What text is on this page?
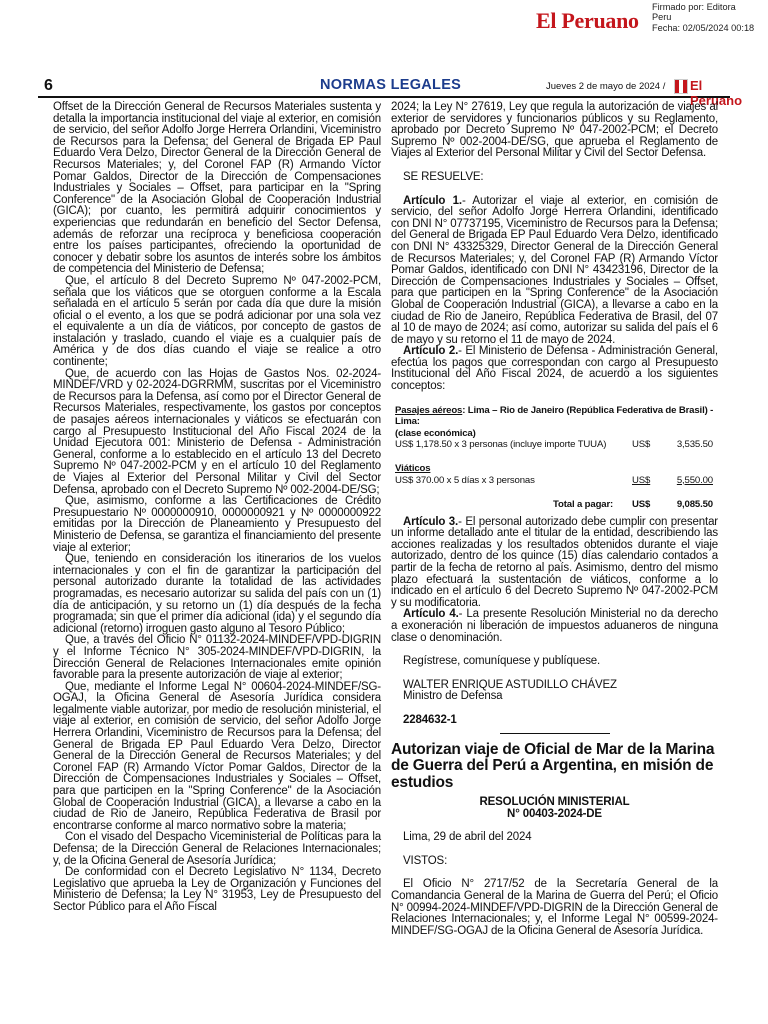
El Peruano
Firmado por: Editora
Peru
Fecha: 02/05/2024 00:18
6	NORMAS LEGALES	Jueves 2 de mayo de 2024 / El Peruano

Offset de la Dirección General de Recursos Materiales sustenta y detalla la importancia institucional del viaje al exterior, en comisión de servicio, del señor Adolfo Jorge Herrera Orlandini, Viceministro de Recursos para la Defensa; del General de Brigada EP Paul Eduardo Vera Delzo, Director General de la Dirección General de Recursos Materiales; y, del Coronel FAP (R) Armando Víctor Pomar Galdos, Director de la Dirección de Compensaciones Industriales y Sociales – Offset, para participar en la "Spring Conference" de la Asociación Global de Cooperación Industrial (GICA); por cuanto, les permitirá adquirir conocimientos y experiencias que redundarán en beneficio del Sector Defensa, además de reforzar una recíproca y beneficiosa cooperación entre los países participantes, ofreciendo la oportunidad de conocer y debatir sobre los asuntos de interés sobre los ámbitos de competencia del Ministerio de Defensa;

Que, el artículo 8 del Decreto Supremo Nº 047-2002-PCM, señala que los viáticos que se otorguen conforme a la Escala señalada en el artículo 5 serán por cada día que dure la misión oficial o el evento, a los que se podrá adicionar por una sola vez el equivalente a un día de viáticos, por concepto de gastos de instalación y traslado, cuando el viaje es a cualquier país de América y de dos días cuando el viaje se realice a otro continente;

Que, de acuerdo con las Hojas de Gastos Nos. 02-2024-MINDEF/VRD y 02-2024-DGRRMM, suscritas por el Viceministro de Recursos para la Defensa, así como por el Director General de Recursos Materiales, respectivamente, los gastos por conceptos de pasajes aéreos internacionales y viáticos se efectuarán con cargo al Presupuesto Institucional del Año Fiscal 2024 de la Unidad Ejecutora 001: Ministerio de Defensa - Administración General, conforme a lo establecido en el artículo 13 del Decreto Supremo Nº 047-2002-PCM y en el artículo 10 del Reglamento de Viajes al Exterior del Personal Militar y Civil del Sector Defensa, aprobado con el Decreto Supremo Nº 002-2004-DE/SG;

Que, asimismo, conforme a las Certificaciones de Crédito Presupuestario Nº 0000000910, 0000000921 y Nº 0000000922 emitidas por la Dirección de Planeamiento y Presupuesto del Ministerio de Defensa, se garantiza el financiamiento del presente viaje al exterior;

Que, teniendo en consideración los itinerarios de los vuelos internacionales y con el fin de garantizar la participación del personal autorizado durante la totalidad de las actividades programadas, es necesario autorizar su salida del país con un (1) día de anticipación, y su retorno un (1) día después de la fecha programada; sin que el primer día adicional (ida) y el segundo día adicional (retorno) irroguen gasto alguno al Tesoro Público;

Que, a través del Oficio N° 01132-2024-MINDEF/VPD-DIGRIN y el Informe Técnico N° 305-2024-MINDEF/VPD-DIGRIN, la Dirección General de Relaciones Internacionales emite opinión favorable para la presente autorización de viaje al exterior;

Que, mediante el Informe Legal N° 00604-2024-MINDEF/SG-OGAJ, la Oficina General de Asesoría Jurídica considera legalmente viable autorizar, por medio de resolución ministerial, el viaje al exterior, en comisión de servicio, del señor Adolfo Jorge Herrera Orlandini, Viceministro de Recursos para la Defensa; del General de Brigada EP Paul Eduardo Vera Delzo, Director General de la Dirección General de Recursos Materiales; y del Coronel FAP (R) Armando Víctor Pomar Galdos, Director de la Dirección de Compensaciones Industriales y Sociales – Offset, para que participen en la "Spring Conference" de la Asociación Global de Cooperación Industrial (GICA), a llevarse a cabo en la ciudad de Rio de Janeiro, República Federativa de Brasil por encontrarse conforme al marco normativo sobre la materia;

Con el visado del Despacho Viceministerial de Políticas para la Defensa; de la Dirección General de Relaciones Internacionales; y, de la Oficina General de Asesoría Jurídica;

De conformidad con el Decreto Legislativo N° 1134, Decreto Legislativo que aprueba la Ley de Organización y Funciones del Ministerio de Defensa; la Ley N° 31953, Ley de Presupuesto del Sector Público para el Año Fiscal

2024; la Ley N° 27619, Ley que regula la autorización de viajes al exterior de servidores y funcionarios públicos y su Reglamento, aprobado por Decreto Supremo Nº 047-2002-PCM; el Decreto Supremo Nº 002-2004-DE/SG, que aprueba el Reglamento de Viajes al Exterior del Personal Militar y Civil del Sector Defensa.

SE RESUELVE:

Artículo 1.- Autorizar el viaje al exterior, en comisión de servicio, del señor Adolfo Jorge Herrera Orlandini, identificado con DNI N° 07737195, Viceministro de Recursos para la Defensa; del General de Brigada EP Paul Eduardo Vera Delzo, identificado con DNI N° 43325329, Director General de la Dirección General de Recursos Materiales; y, del Coronel FAP (R) Armando Víctor Pomar Galdos, identificado con DNI N° 43423196, Director de la Dirección de Compensaciones Industriales y Sociales – Offset, para que participen en la "Spring Conference" de la Asociación Global de Cooperación Industrial (GICA), a llevarse a cabo en la ciudad de Rio de Janeiro, República Federativa de Brasil, del 07 al 10 de mayo de 2024; así como, autorizar su salida del país el 6 de mayo y su retorno el 11 de mayo de 2024.

Artículo 2.- El Ministerio de Defensa - Administración General, efectúa los pagos que correspondan con cargo al Presupuesto Institucional del Año Fiscal 2024, de acuerdo a los siguientes conceptos:

Pasajes aéreos: Lima – Rio de Janeiro (República Federativa de Brasil) - Lima:
(clase económica)
US$ 1,178.50 x 3 personas (incluye importe TUUA)	US$	3,535.50
Viáticos
US$ 370.00 x 5 días x 3 personas	US$	5,550.00
Total a pagar: US$	9,085.50

Artículo 3.- El personal autorizado debe cumplir con presentar un informe detallado ante el titular de la entidad, describiendo las acciones realizadas y los resultados obtenidos durante el viaje autorizado, dentro de los quince (15) días calendario contados a partir de la fecha de retorno al país. Asimismo, dentro del mismo plazo efectuará la sustentación de viáticos, conforme a lo indicado en el artículo 6 del Decreto Supremo Nº 047-2002-PCM y su modificatoria.

Artículo 4.- La presente Resolución Ministerial no da derecho a exoneración ni liberación de impuestos aduaneros de ninguna clase o denominación.

Regístrese, comuníquese y publíquese.

WALTER ENRIQUE ASTUDILLO CHÁVEZ

Ministro de Defensa

2284632-1

Autorizan viaje de Oficial de Mar de la Marina de Guerra del Perú a Argentina, en misión de estudios

RESOLUCIÓN MINISTERIAL

N° 00403-2024-DE

Lima, 29 de abril del 2024

VISTOS:

El Oficio N° 2717/52 de la Secretaría General de la Comandancia General de la Marina de Guerra del Perú; el Oficio N° 00994-2024-MINDEF/VPD-DIGRIN de la Dirección General de Relaciones Internacionales; y, el Informe Legal N° 00599-2024-MINDEF/SG-OGAJ de la Oficina General de Asesoría Jurídica.
